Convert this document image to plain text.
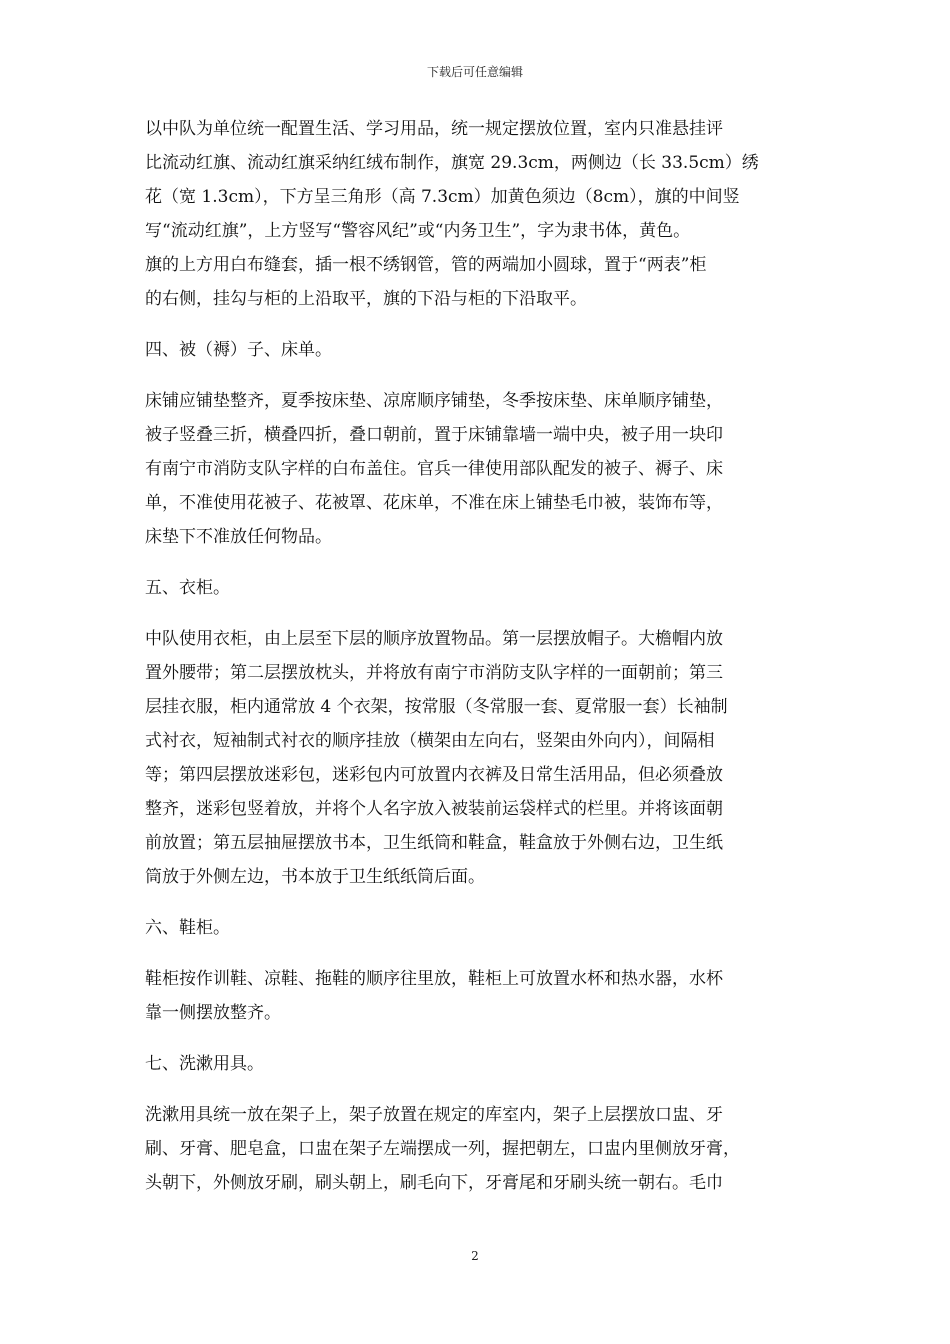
下载后可任意编辑
以中队为单位统一配置生活、学习用品，统一规定摆放位置，室内只准悬挂评
比流动红旗、流动红旗采纳红绒布制作，旗宽 29.3cm，两侧边（长 33.5cm）绣
花（宽 1.3cm），下方呈三角形（高 7.3cm）加黄色须边（8cm），旗的中间竖
写“流动红旗”，上方竖写“警容风纪”或“内务卫生”，字为隶书体，黄色。
旗的上方用白布缝套，插一根不绣钢管，管的两端加小圆球，置于“两表”柜
的右侧，挂勾与柜的上沿取平，旗的下沿与柜的下沿取平。
四、被（褥）子、床单。
床铺应铺垫整齐，夏季按床垫、凉席顺序铺垫，冬季按床垫、床单顺序铺垫，
被子竖叠三折，横叠四折，叠口朝前，置于床铺靠墙一端中央，被子用一块印
有南宁市消防支队字样的白布盖住。官兵一律使用部队配发的被子、褥子、床
单，不准使用花被子、花被罩、花床单，不准在床上铺垫毛巾被，装饰布等，
床垫下不准放任何物品。
五、衣柜。
中队使用衣柜，由上层至下层的顺序放置物品。第一层摆放帽子。大檐帽内放
置外腰带；第二层摆放枕头，并将放有南宁市消防支队字样的一面朝前；第三
层挂衣服，柜内通常放 4 个衣架，按常服（冬常服一套、夏常服一套）长袖制
式衬衣，短袖制式衬衣的顺序挂放（横架由左向右，竖架由外向内），间隔相
等；第四层摆放迷彩包，迷彩包内可放置内衣裤及日常生活用品，但必须叠放
整齐，迷彩包竖着放，并将个人名字放入被装前运袋样式的栏里。并将该面朝
前放置；第五层抽屉摆放书本，卫生纸筒和鞋盒，鞋盒放于外侧右边，卫生纸
筒放于外侧左边，书本放于卫生纸纸筒后面。
六、鞋柜。
鞋柜按作训鞋、凉鞋、拖鞋的顺序往里放，鞋柜上可放置水杯和热水器，水杯
靠一侧摆放整齐。
七、洗漱用具。
洗漱用具统一放在架子上，架子放置在规定的库室内，架子上层摆放口盅、牙
刷、牙膏、肥皂盒，口盅在架子左端摆成一列，握把朝左，口盅内里侧放牙膏，
头朝下，外侧放牙刷，刷头朝上，刷毛向下，牙膏尾和牙刷头统一朝右。毛巾
2
